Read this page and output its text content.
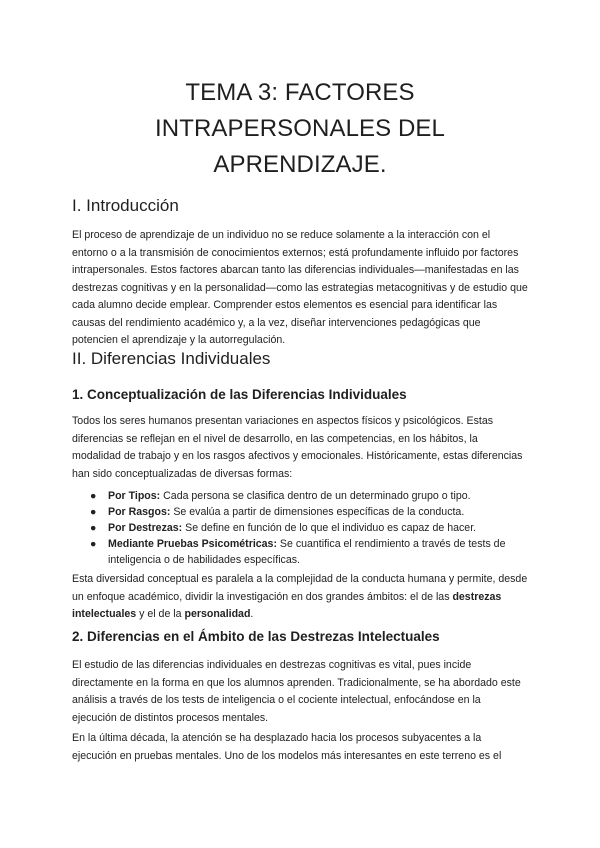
TEMA 3: FACTORES INTRAPERSONALES DEL APRENDIZAJE.
I. Introducción

El proceso de aprendizaje de un individuo no se reduce solamente a la interacción con el entorno o a la transmisión de conocimientos externos; está profundamente influido por factores intrapersonales. Estos factores abarcan tanto las diferencias individuales—manifestadas en las destrezas cognitivas y en la personalidad—como las estrategias metacognitivas y de estudio que cada alumno decide emplear. Comprender estos elementos es esencial para identificar las causas del rendimiento académico y, a la vez, diseñar intervenciones pedagógicas que potencien el aprendizaje y la autorregulación.

II. Diferencias Individuales
1. Conceptualización de las Diferencias Individuales

Todos los seres humanos presentan variaciones en aspectos físicos y psicológicos. Estas diferencias se reflejan en el nivel de desarrollo, en las competencias, en los hábitos, la modalidad de trabajo y en los rasgos afectivos y emocionales. Históricamente, estas diferencias han sido conceptualizadas de diversas formas:

● Por Tipos: Cada persona se clasifica dentro de un determinado grupo o tipo.
● Por Rasgos: Se evalúa a partir de dimensiones específicas de la conducta.
● Por Destrezas: Se define en función de lo que el individuo es capaz de hacer.
● Mediante Pruebas Psicométricas: Se cuantifica el rendimiento a través de tests de inteligencia o de habilidades específicas.

Esta diversidad conceptual es paralela a la complejidad de la conducta humana y permite, desde un enfoque académico, dividir la investigación en dos grandes ámbitos: el de las destrezas intelectuales y el de la personalidad.

2. Diferencias en el Ámbito de las Destrezas Intelectuales

El estudio de las diferencias individuales en destrezas cognitivas es vital, pues incide directamente en la forma en que los alumnos aprenden. Tradicionalmente, se ha abordado este análisis a través de los tests de inteligencia o el cociente intelectual, enfocándose en la ejecución de distintos procesos mentales.

En la última década, la atención se ha desplazado hacia los procesos subyacentes a la ejecución en pruebas mentales. Uno de los modelos más interesantes en este terreno es el
